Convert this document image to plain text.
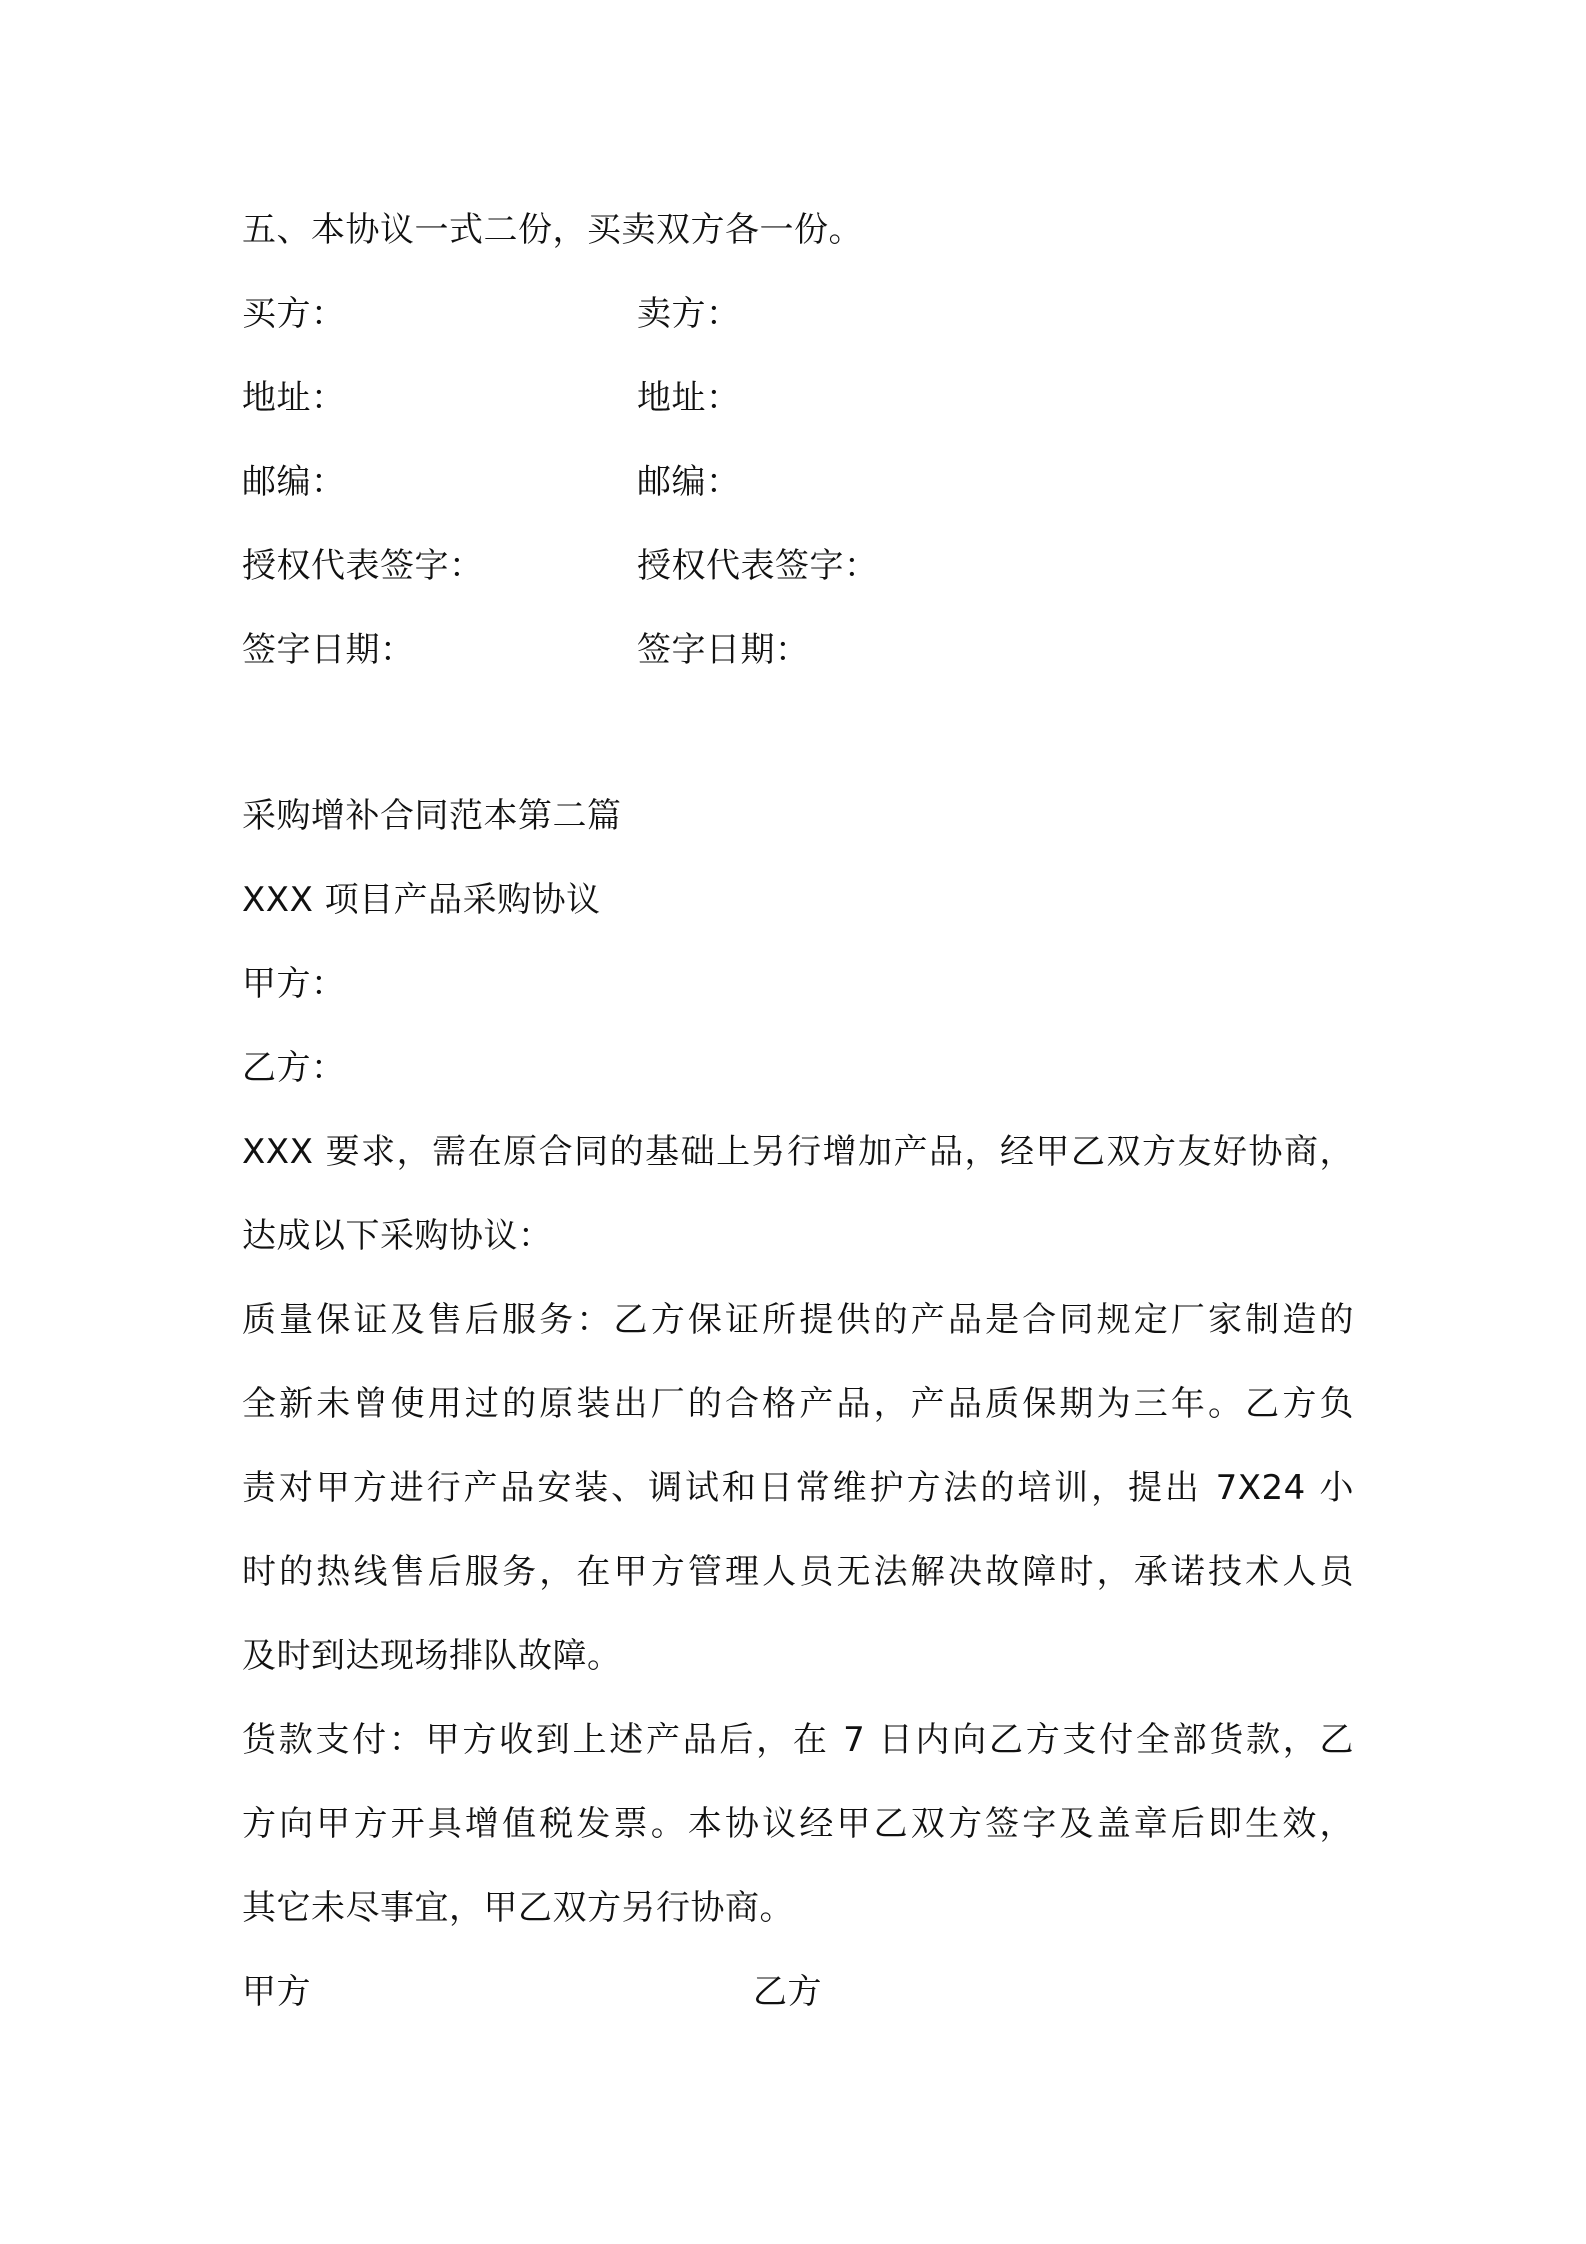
五、本协议一式二份，买卖双方各一份。
买方：	卖方：
地址：	地址：
邮编：	邮编：
授权代表签字：	授权代表签字：
签字日期：	签字日期：
采购增补合同范本第二篇
XXX 项目产品采购协议
甲方：
乙方：
XXX 要求，需在原合同的基础上另行增加产品，经甲乙双方友好协商，
达成以下采购协议：
质量保证及售后服务：乙方保证所提供的产品是合同规定厂家制造的
全新未曾使用过的原装出厂的合格产品，产品质保期为三年。乙方负
责对甲方进行产品安装、调试和日常维护方法的培训，提出 7X24 小
时的热线售后服务，在甲方管理人员无法解决故障时，承诺技术人员
及时到达现场排队故障。
货款支付：甲方收到上述产品后，在 7 日内向乙方支付全部货款，乙
方向甲方开具增值税发票。本协议经甲乙双方签字及盖章后即生效，
其它未尽事宜，甲乙双方另行协商。
甲方	乙方
